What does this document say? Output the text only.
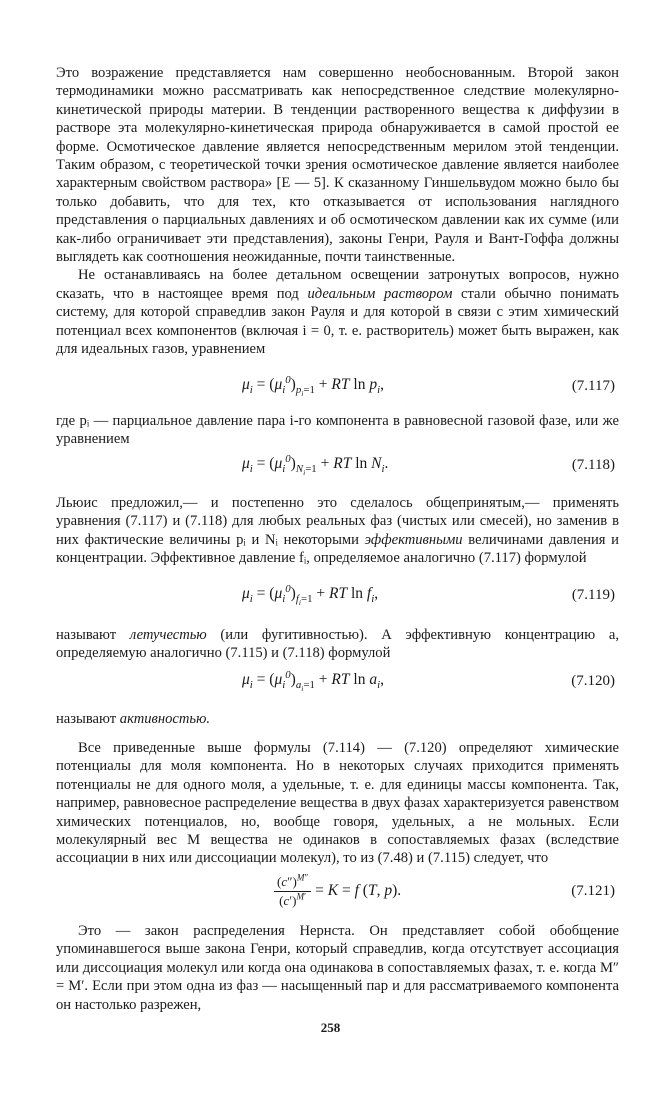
Это возражение представляется нам совершенно необоснованным. Второй закон термодинамики можно рассматривать как непосредственное следствие молекулярно-кинетической природы материи. В тенденции растворенного вещества к диффузии в растворе эта молекулярно-кинетическая природа обнаруживается в самой простой ее форме. Осмотическое давление является непосредственным мерилом этой тенденции. Таким образом, с теоретической точки зрения осмотическое давление является наиболее характерным свойством раствора» [Е — 5]. К сказанному Гиншельвудом можно было бы только добавить, что для тех, кто отказывается от использования наглядного представления о парциальных давлениях и об осмотическом давлении как их сумме (или как-либо ограничивает эти представления), законы Генри, Рауля и Вант-Гоффа должны выглядеть как соотношения неожиданные, почти таинственные.

Не останавливаясь на более детальном освещении затронутых вопросов, нужно сказать, что в настоящее время под идеальным раствором стали обычно понимать систему, для которой справедлив закон Рауля и для которой в связи с этим химический потенциал всех компонентов (включая i = 0, т. е. растворитель) может быть выражен, как для идеальных газов, уравнением

$\mu_i = (\mu_i^0)_{p_i=1}$ + RT $\ln p_i$,	(7.117)

где pᵢ — парциальное давление пара i-го компонента в равновесной газовой фазе, или же уравнением

$\mu_i = (\mu_i^0)_{N_i=1}$ + RT $\ln N_i$.	(7.118)

Льюис предложил,— и постепенно это сделалось общепринятым,— применять уравнения (7.117) и (7.118) для любых реальных фаз (чистых или смесей), но заменив в них фактические величины pᵢ и Nᵢ некоторыми эффективными величинами давления и концентрации. Эффективное давление fᵢ, определяемое аналогично (7.117) формулой

$\mu_i = (\mu_i^0)_{f_i=1}$ + RT $\ln f_i$,	(7.119)

называют летучестью (или фугитивностью). А эффективную концентрацию a, определяемую аналогично (7.115) и (7.118) формулой

$\mu_i = (\mu_i^0)_{a_i=1}$ + RT $\ln a_i$,	(7.120)

называют активностью.

Все приведенные выше формулы (7.114) — (7.120) определяют химические потенциалы для моля компонента. Но в некоторых случаях приходится применять потенциалы не для одного моля, а удельные, т. е. для единицы массы компонента. Так, например, равновесное распределение вещества в двух фазах характеризуется равенством химических потенциалов, но, вообще говоря, удельных, а не мольных. Если молекулярный вес M вещества не одинаков в сопоставляемых фазах (вследствие ассоциации в них или диссоциации молекул), то из (7.48) и (7.115) следует, что

$\frac{(c'')^{M''}}{(c')^{M'}} = K = f$ (T, p).	(7.121)

Это — закон распределения Нернста. Он представляет собой обобщение упоминавшегося выше закона Генри, который справедлив, когда отсутствует ассоциация или диссоциация молекул или когда она одинакова в сопоставляемых фазах, т. е. когда M″ = M′. Если при этом одна из фаз — насыщенный пар и для рассматриваемого компонента он настолько разрежен,

258
